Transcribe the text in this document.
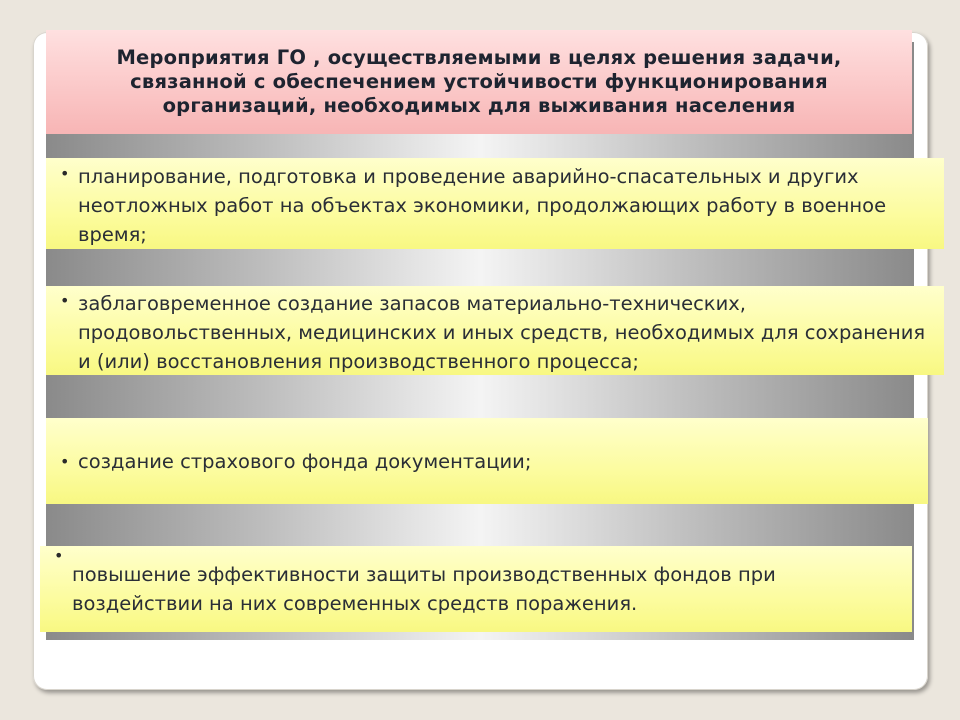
Мероприятия ГО , осуществляемыми в целях решения задачи, связанной с обеспечением устойчивости функционирования организаций, необходимых для выживания населения

• планирование, подготовка и проведение аварийно-спасательных и других неотложных работ на объектах экономики, продолжающих работу в военное время;
• заблаговременное создание запасов материально-технических, продовольственных, медицинских и иных средств, необходимых для сохранения и (или) восстановления производственного процесса;
• создание страхового фонда документации;
•
повышение эффективности защиты производственных фондов при воздействии на них современных средств поражения.
